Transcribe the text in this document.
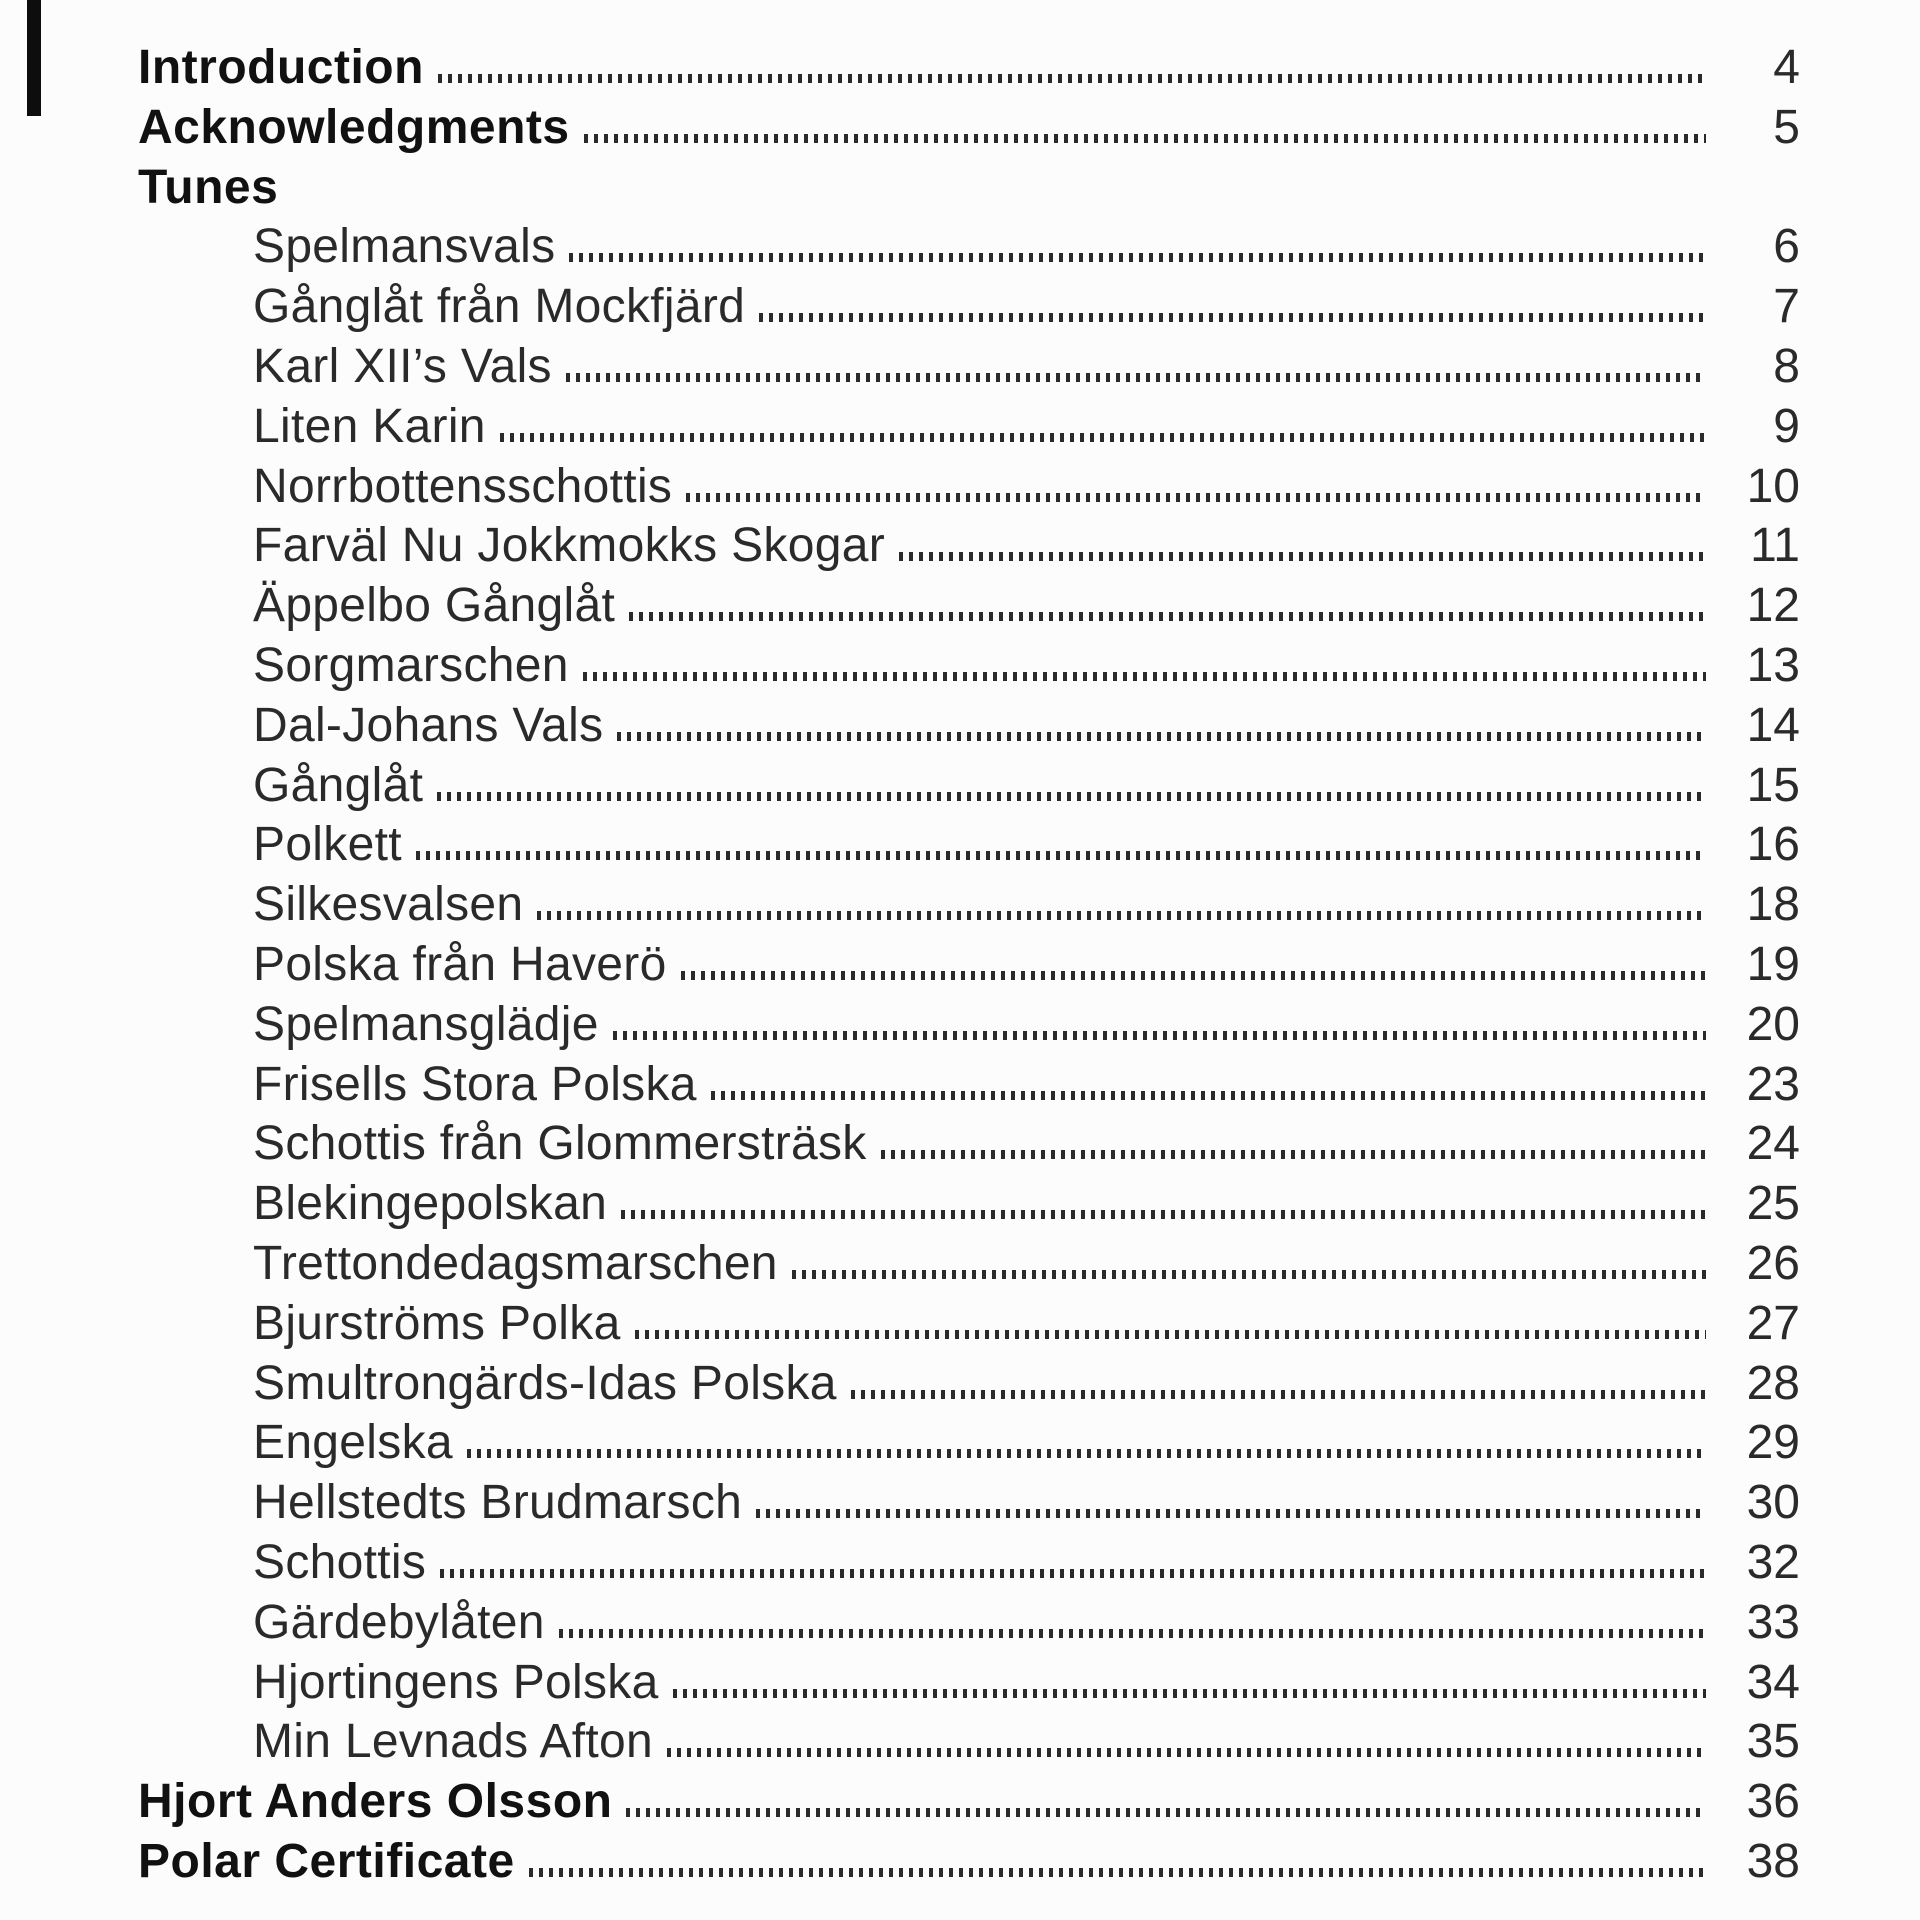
Introduction	4
Acknowledgments	5
Tunes
Spelmansvals	6
Gånglåt från Mockfjärd	7
Karl XII’s Vals	8
Liten Karin	9
Norrbottensschottis	10
Farväl Nu Jokkmokks Skogar	11
Äppelbo Gånglåt	12
Sorgmarschen	13
Dal-Johans Vals	14
Gånglåt	15
Polkett	16
Silkesvalsen	18
Polska från Haverö	19
Spelmansglädje	20
Frisells Stora Polska	23
Schottis från Glommersträsk	24
Blekingepolskan	25
Trettondedagsmarschen	26
Bjurströms Polka	27
Smultrongärds-Idas Polska	28
Engelska	29
Hellstedts Brudmarsch	30
Schottis	32
Gärdebylåten	33
Hjortingens Polska	34
Min Levnads Afton	35
Hjort Anders Olsson	36
Polar Certificate	38
